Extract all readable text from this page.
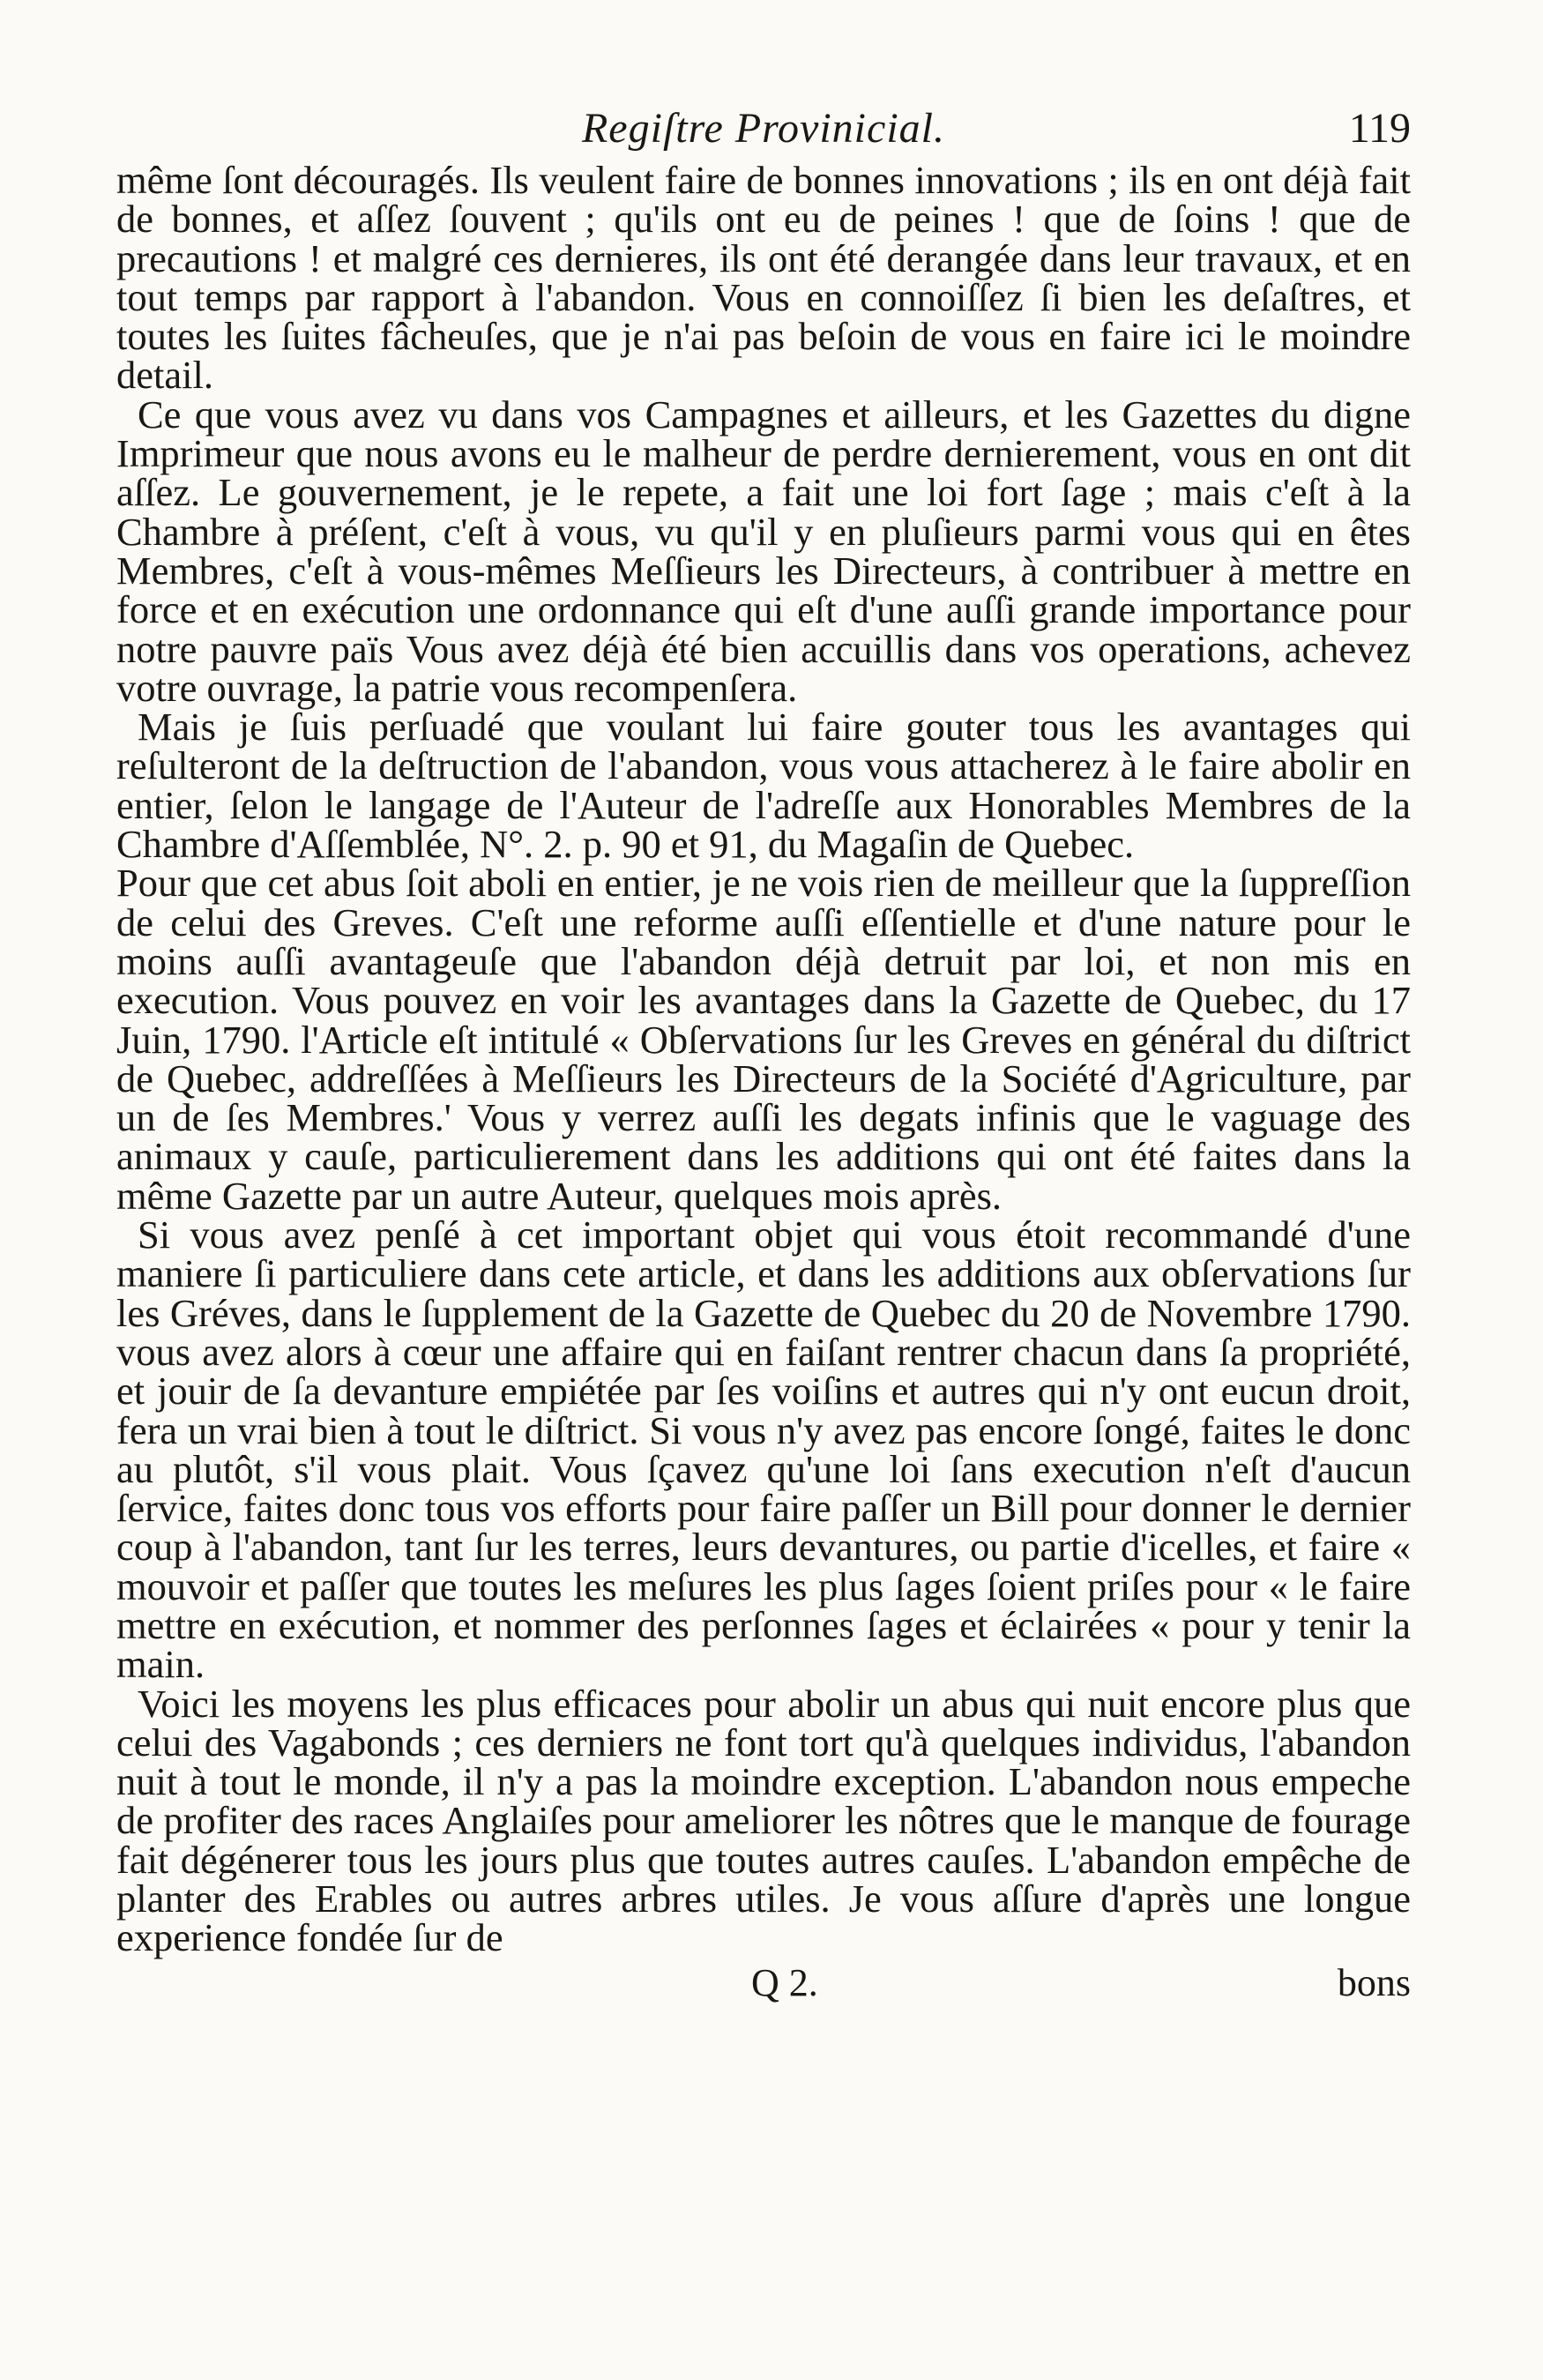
Regiſtre Provinicial.	119

même ſont découragés. Ils veulent faire de bonnes innovations ; ils en ont déjà fait de bonnes, et aſſez ſouvent ; qu'ils ont eu de peines ! que de ſoins ! que de precautions ! et malgré ces dernieres, ils ont été derangée dans leur travaux, et en tout temps par rapport à l'abandon. Vous en connoiſſez ſi bien les deſaſtres, et toutes les ſuites fâcheuſes, que je n'ai pas beſoin de vous en faire ici le moindre detail.

Ce que vous avez vu dans vos Campagnes et ailleurs, et les Gazettes du digne Imprimeur que nous avons eu le malheur de perdre dernierement, vous en ont dit aſſez. Le gouvernement, je le repete, a fait une loi fort ſage ; mais c'eſt à la Chambre à préſent, c'eſt à vous, vu qu'il y en pluſieurs parmi vous qui en êtes Membres, c'eſt à vous-mêmes Meſſieurs les Directeurs, à contribuer à mettre en force et en exécution une ordonnance qui eſt d'une auſſi grande importance pour notre pauvre païs Vous avez déjà été bien accuillis dans vos operations, achevez votre ouvrage, la patrie vous recompenſera.

Mais je ſuis perſuadé que voulant lui faire gouter tous les avantages qui reſulteront de la deſtruction de l'abandon, vous vous attacherez à le faire abolir en entier, ſelon le langage de l'Auteur de l'adreſſe aux Honorables Membres de la Chambre d'Aſſemblée, N°. 2. p. 90 et 91, du Magaſin de Quebec.

Pour que cet abus ſoit aboli en entier, je ne vois rien de meilleur que la ſuppreſſion de celui des Greves. C'eſt une reforme auſſi eſſentielle et d'une nature pour le moins auſſi avantageuſe que l'abandon déjà detruit par loi, et non mis en execution. Vous pouvez en voir les avantages dans la Gazette de Quebec, du 17 Juin, 1790. l'Article eſt intitulé « Obſervations ſur les Greves en général du diſtrict de Quebec, addreſſées à Meſſieurs les Directeurs de la Société d'Agriculture, par un de ſes Membres.' Vous y verrez auſſi les degats infinis que le vaguage des animaux y cauſe, particulierement dans les additions qui ont été faites dans la même Gazette par un autre Auteur, quelques mois après.

Si vous avez penſé à cet important objet qui vous étoit recommandé d'une maniere ſi particuliere dans cete article, et dans les additions aux obſervations ſur les Gréves, dans le ſupplement de la Gazette de Quebec du 20 de Novembre 1790. vous avez alors à cœur une affaire qui en faiſant rentrer chacun dans ſa propriété, et jouir de ſa devanture empiétée par ſes voiſins et autres qui n'y ont eucun droit, fera un vrai bien à tout le diſtrict. Si vous n'y avez pas encore ſongé, faites le donc au plutôt, s'il vous plait. Vous ſçavez qu'une loi ſans execution n'eſt d'aucun ſervice, faites donc tous vos efforts pour faire paſſer un Bill pour donner le dernier coup à l'abandon, tant ſur les terres, leurs devantures, ou partie d'icelles, et faire « mouvoir et paſſer que toutes les meſures les plus ſages ſoient priſes pour « le faire mettre en exécution, et nommer des perſonnes ſages et éclairées « pour y tenir la main.

Voici les moyens les plus efficaces pour abolir un abus qui nuit encore plus que celui des Vagabonds ; ces derniers ne font tort qu'à quelques individus, l'abandon nuit à tout le monde, il n'y a pas la moindre exception. L'abandon nous empeche de profiter des races Anglaiſes pour ameliorer les nôtres que le manque de fourage fait dégénerer tous les jours plus que toutes autres cauſes. L'abandon empêche de planter des Erables ou autres arbres utiles. Je vous aſſure d'après une longue experience fondée ſur de

Q 2.	bons
